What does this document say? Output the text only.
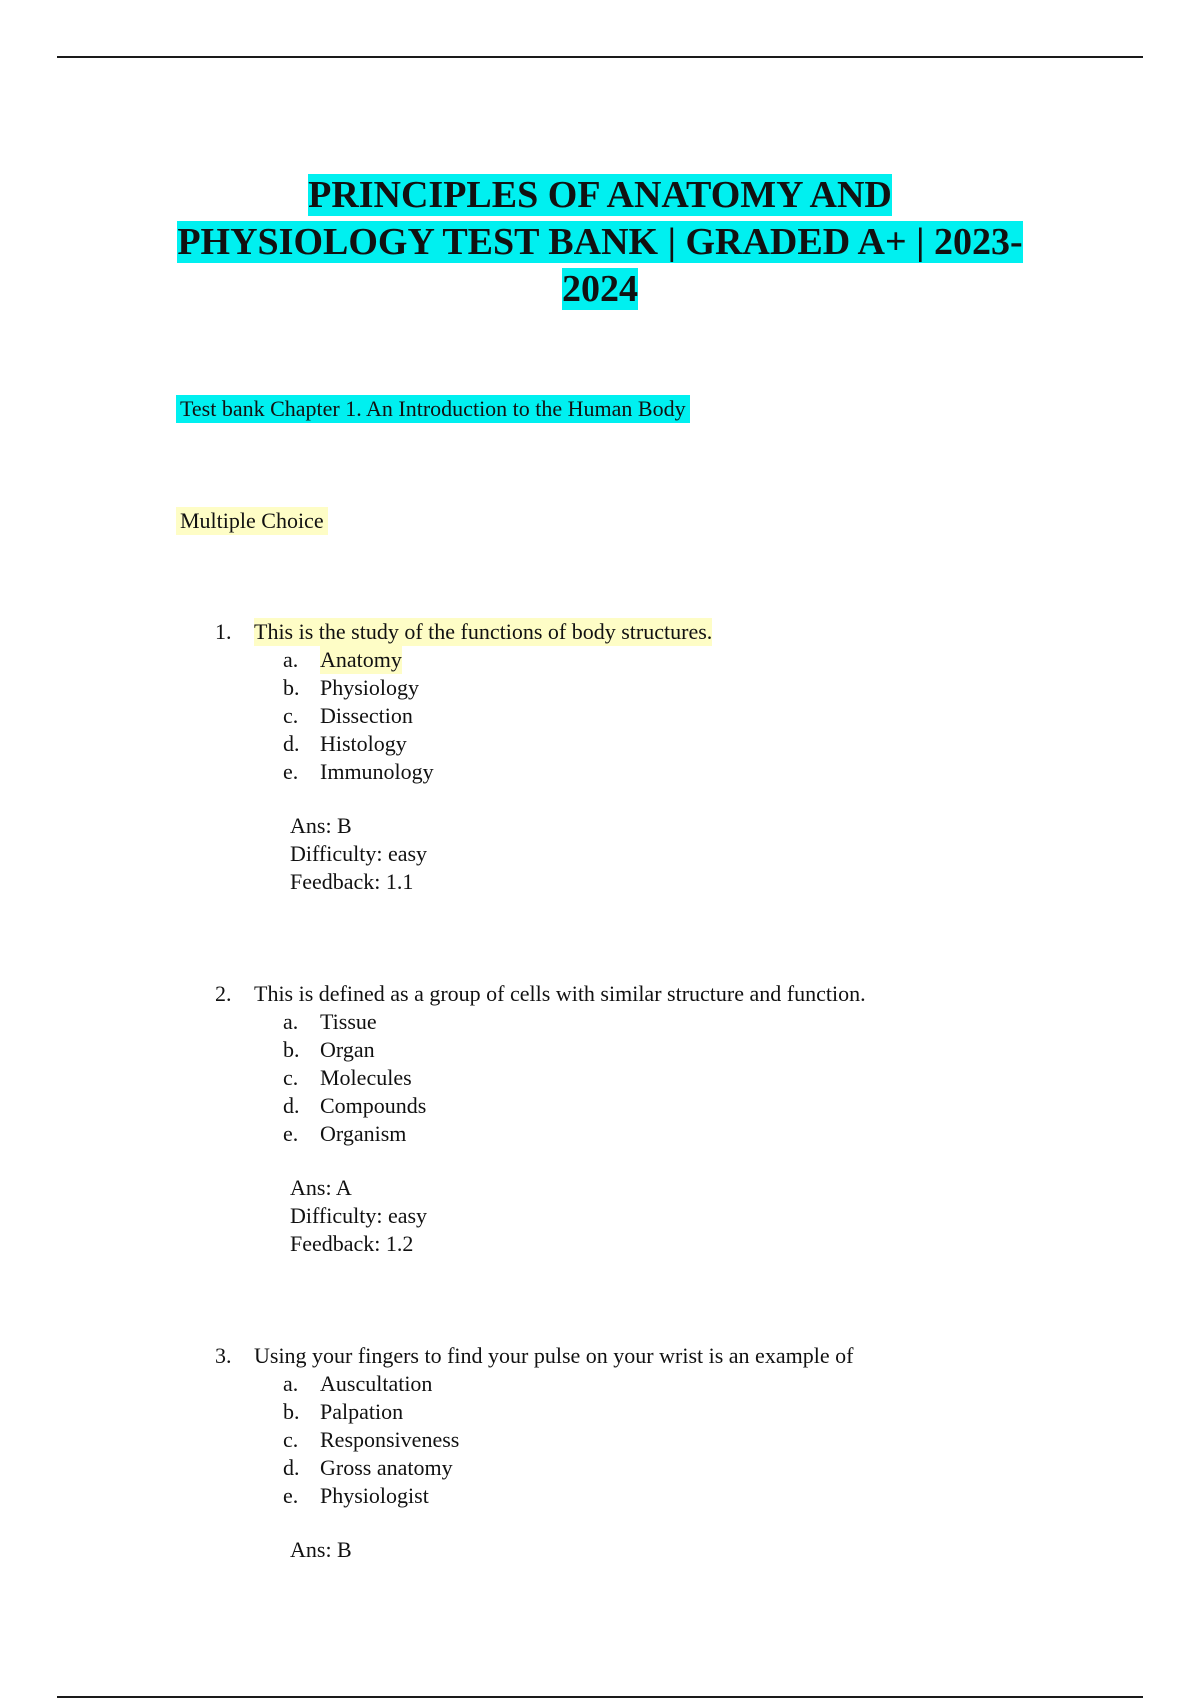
PRINCIPLES OF ANATOMY AND
PHYSIOLOGY TEST BANK | GRADED A+ | 2023-
2024
Test bank Chapter 1. An Introduction to the Human Body
Multiple Choice
1.	This is the study of the functions of body structures.
a. Anatomy
b. Physiology
c. Dissection
d. Histology
e. Immunology
Ans: B
Difficulty: easy
Feedback: 1.1
2.	This is defined as a group of cells with similar structure and function.
a. Tissue
b. Organ
c. Molecules
d. Compounds
e. Organism
Ans: A
Difficulty: easy
Feedback: 1.2
3.	Using your fingers to find your pulse on your wrist is an example of
a. Auscultation
b. Palpation
c. Responsiveness
d. Gross anatomy
e. Physiologist
Ans: B
